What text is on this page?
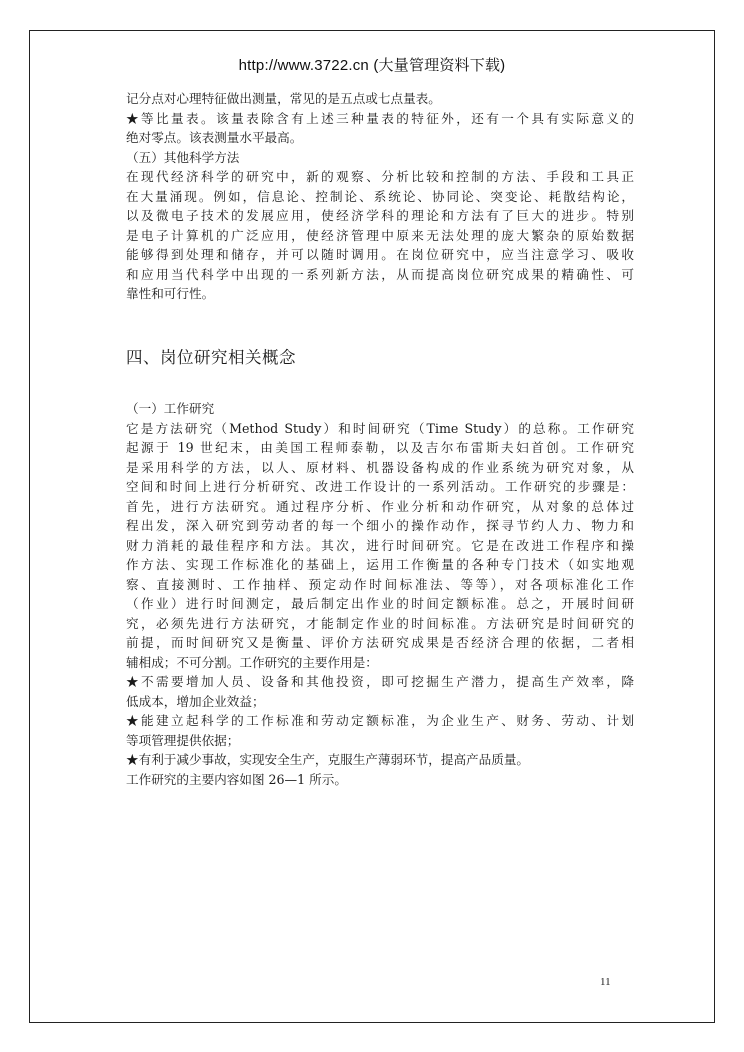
http://www.3722.cn (大量管理资料下载)
记分点对心理特征做出测量，常见的是五点或七点量表。
★等比量表。该量表除含有上述三种量表的特征外，还有一个具有实际意义的
绝对零点。该表测量水平最高。
（五）其他科学方法
在现代经济科学的研究中，新的观察、分析比较和控制的方法、手段和工具正
在大量涌现。例如，信息论、控制论、系统论、协同论、突变论、耗散结构论，
以及微电子技术的发展应用，使经济学科的理论和方法有了巨大的进步。特别
是电子计算机的广泛应用，使经济管理中原来无法处理的庞大繁杂的原始数据
能够得到处理和储存，并可以随时调用。在岗位研究中，应当注意学习、吸收
和应用当代科学中出现的一系列新方法，从而提高岗位研究成果的精确性、可
靠性和可行性。
四、岗位研究相关概念
（一）工作研究
它是方法研究（Method Study）和时间研究（Time Study）的总称。工作研究
起源于 19 世纪末，由美国工程师泰勒，以及吉尔布雷斯夫妇首创。工作研究
是采用科学的方法，以人、原材料、机器设备构成的作业系统为研究对象，从
空间和时间上进行分析研究、改进工作设计的一系列活动。工作研究的步骤是：
首先，进行方法研究。通过程序分析、作业分析和动作研究，从对象的总体过
程出发，深入研究到劳动者的每一个细小的操作动作，探寻节约人力、物力和
财力消耗的最佳程序和方法。其次，进行时间研究。它是在改进工作程序和操
作方法、实现工作标准化的基础上，运用工作衡量的各种专门技术（如实地观
察、直接测时、工作抽样、预定动作时间标准法、等等），对各项标准化工作
（作业）进行时间测定，最后制定出作业的时间定额标准。总之，开展时间研
究，必须先进行方法研究，才能制定作业的时间标准。方法研究是时间研究的
前提，而时间研究又是衡量、评价方法研究成果是否经济合理的依据，二者相
辅相成；不可分割。工作研究的主要作用是：
★不需要增加人员、设备和其他投资，即可挖掘生产潜力，提高生产效率，降
低成本，增加企业效益；
★能建立起科学的工作标准和劳动定额标准，为企业生产、财务、劳动、计划
等项管理提供依据；
★有利于减少事故，实现安全生产，克服生产薄弱环节，提高产品质量。
工作研究的主要内容如图 26—1 所示。
11
